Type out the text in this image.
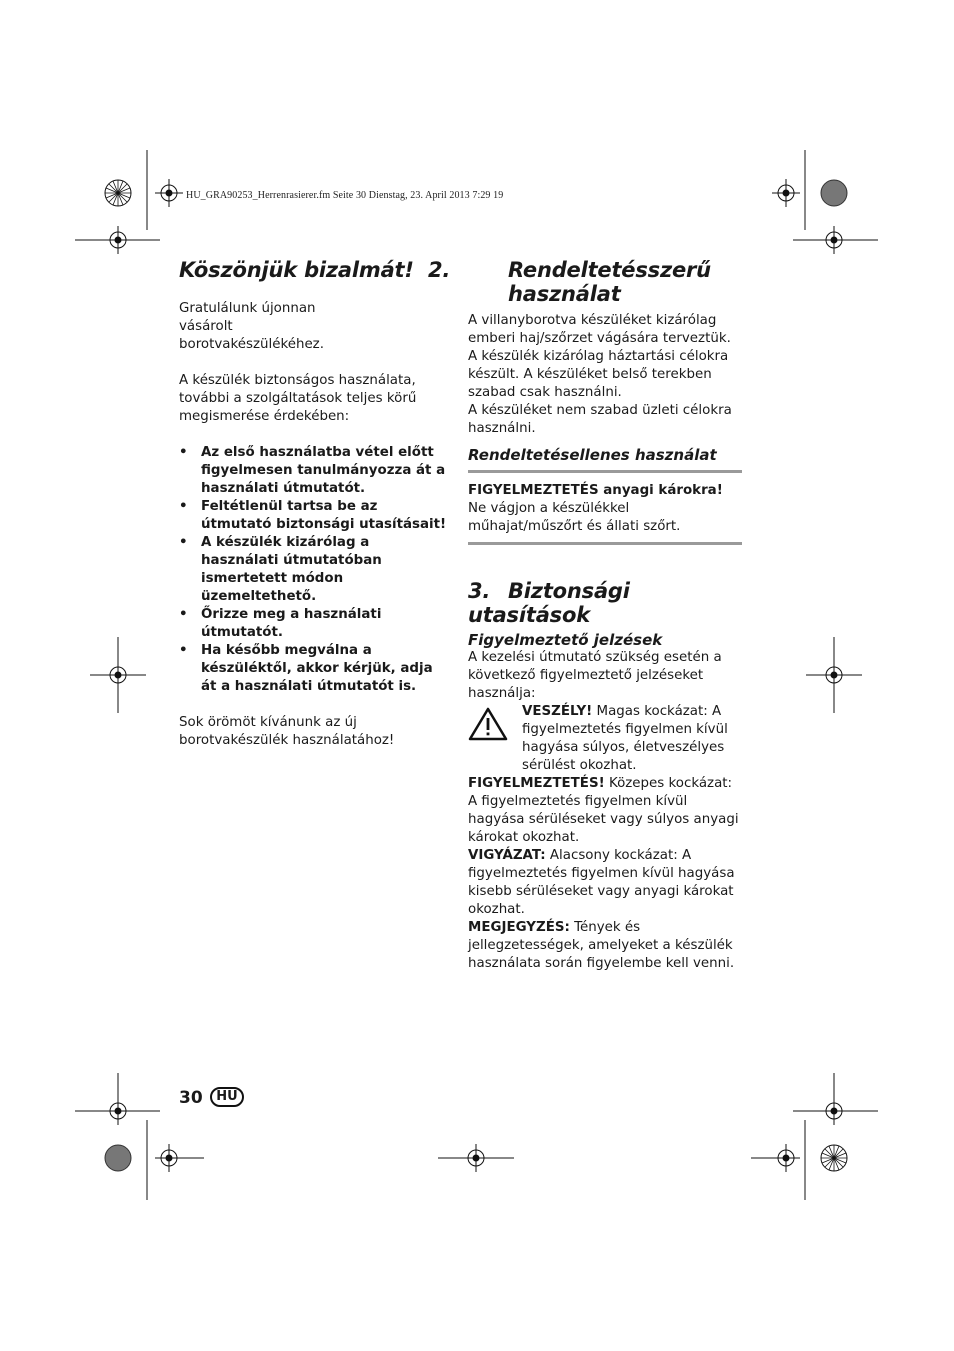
HU_GRA90253_Herrenrasierer.fm Seite 30 Dienstag, 23. April 2013 7:29 19
Köszönjük bizalmát!

Gratulálunk újonnan vásárolt borotvakészülékéhez.

A készülék biztonságos használata, további a szolgáltatások teljes körű megismerése érdekében:

• Az első használatba vétel előtt figyelmesen tanulmányozza át a használati útmutatót.
• Feltétlenül tartsa be az útmutató biztonsági utasításait!
• A készülék kizárólag a használati útmutatóban ismertetett módon üzemeltethető.
• Őrizze meg a használati útmutatót.
• Ha később megválna a készüléktől, akkor kérjük, adja át a használati útmutatót is.

Sok örömöt kívánunk az új borotvakészülék használatához!

2.	Rendeltetésszerű használat

A villanyborotva készüléket kizárólag emberi haj/szőrzet vágására terveztük.

A készülék kizárólag háztartási célokra készült. A készüléket belső terekben szabad csak használni.

A készüléket nem szabad üzleti célokra használni.

Rendeltetésellenes használat

FIGYELMEZTETÉS anyagi károkra!

Ne vágjon a készülékkel műhajat/műszőrt és állati szőrt.

3. Biztonsági utasítások
Figyelmeztető jelzések

A kezelési útmutató szükség esetén a következő figyelmeztető jelzéseket használja:

VESZÉLY! Magas kockázat: A figyelmeztetés figyelmen kívül hagyása súlyos, életveszélyes sérülést okozhat.

FIGYELMEZTETÉS! Közepes kockázat: A figyelmeztetés figyelmen kívül hagyása sérüléseket vagy súlyos anyagi károkat okozhat.

VIGYÁZAT: Alacsony kockázat: A figyelmeztetés figyelmen kívül hagyása kisebb sérüléseket vagy anyagi károkat okozhat.

MEGJEGYZÉS: Tények és jellegzetességek, amelyeket a készülék használata során figyelembe kell venni.

30	HU
